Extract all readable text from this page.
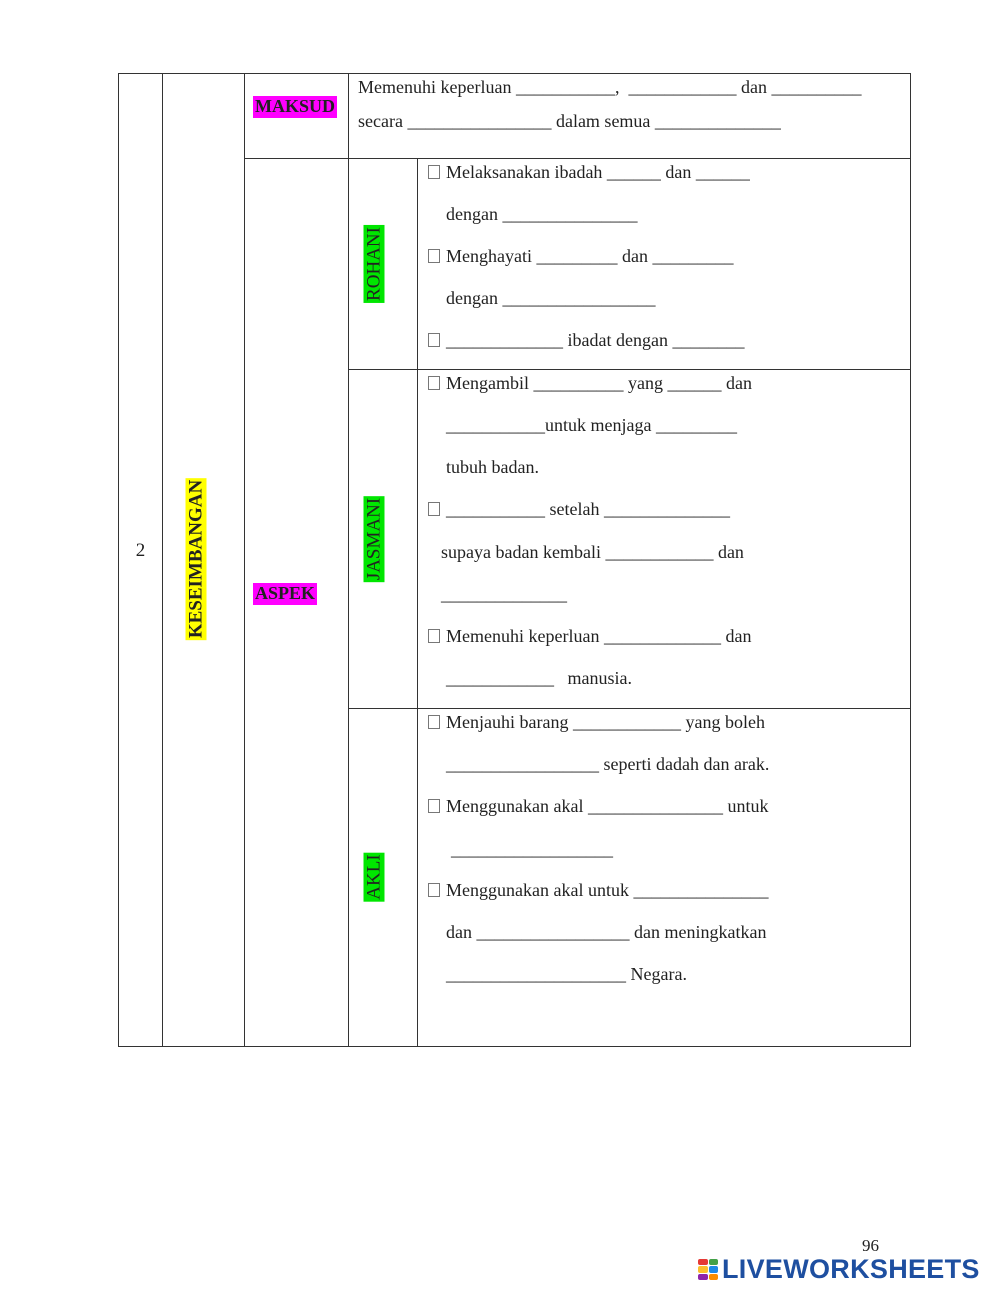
2	KESEIMBANGAN
MAKSUD
ASPEK
Memenuhi keperluan ___________,  ____________ dan __________
secara ________________ dalam semua ______________
ROHANI
Melaksanakan ibadah ______ dan ______
dengan _______________
Menghayati _________ dan _________
dengan _________________
_____________ ibadat dengan ________
JASMANI
Mengambil __________ yang ______ dan
___________untuk menjaga _________
tubuh badan.
___________ setelah ______________
supaya badan kembali ____________ dan
______________
Memenuhi keperluan _____________ dan
____________   manusia.
AKLI
Menjauhi barang ____________ yang boleh
_________________ seperti dadah dan arak.
Menggunakan akal _______________ untuk
__________________
Menggunakan akal untuk _______________
dan _________________ dan meningkatkan
____________________ Negara.
96
LIVEWORKSHEETS
